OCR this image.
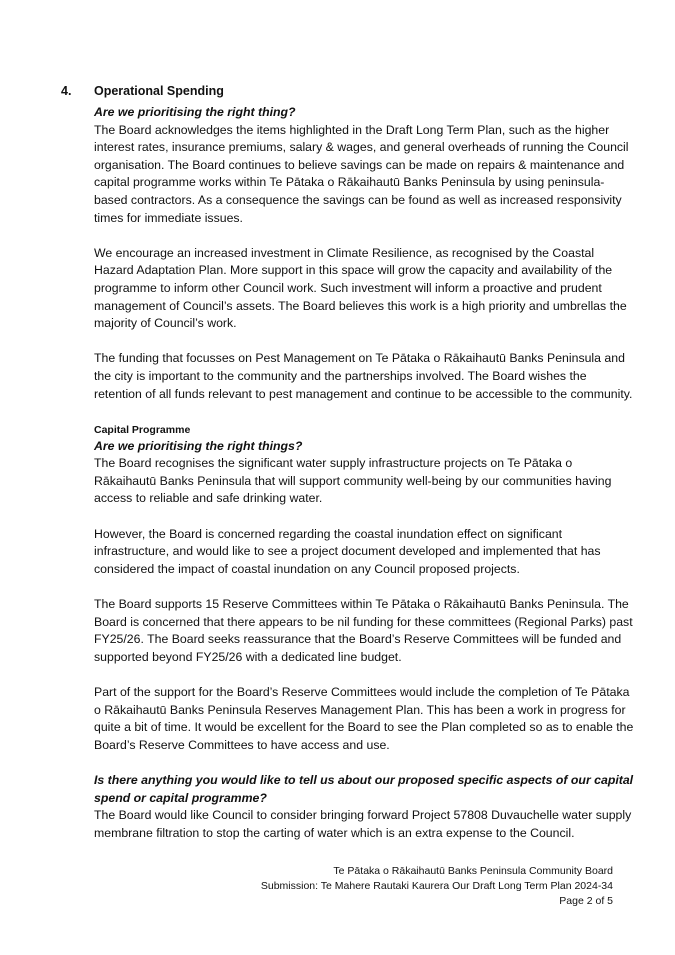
4. Operational Spending

Are we prioritising the right thing?

The Board acknowledges the items highlighted in the Draft Long Term Plan, such as the higher interest rates, insurance premiums, salary & wages, and general overheads of running the Council organisation. The Board continues to believe savings can be made on repairs & maintenance and capital programme works within Te Pātaka o Rākaihautū Banks Peninsula by using peninsula-based contractors. As a consequence the savings can be found as well as increased responsivity times for immediate issues.

We encourage an increased investment in Climate Resilience, as recognised by the Coastal Hazard Adaptation Plan. More support in this space will grow the capacity and availability of the programme to inform other Council work. Such investment will inform a proactive and prudent management of Council’s assets. The Board believes this work is a high priority and umbrellas the majority of Council’s work.

The funding that focusses on Pest Management on Te Pātaka o Rākaihautū Banks Peninsula and the city is important to the community and the partnerships involved. The Board wishes the retention of all funds relevant to pest management and continue to be accessible to the community.

Capital Programme

Are we prioritising the right things?

The Board recognises the significant water supply infrastructure projects on Te Pātaka o Rākaihautū Banks Peninsula that will support community well-being by our communities having access to reliable and safe drinking water.

However, the Board is concerned regarding the coastal inundation effect on significant infrastructure, and would like to see a project document developed and implemented that has considered the impact of coastal inundation on any Council proposed projects.

The Board supports 15 Reserve Committees within Te Pātaka o Rākaihautū Banks Peninsula. The Board is concerned that there appears to be nil funding for these committees (Regional Parks) past FY25/26. The Board seeks reassurance that the Board’s Reserve Committees will be funded and supported beyond FY25/26 with a dedicated line budget.

Part of the support for the Board’s Reserve Committees would include the completion of Te Pātaka o Rākaihautū Banks Peninsula Reserves Management Plan. This has been a work in progress for quite a bit of time. It would be excellent for the Board to see the Plan completed so as to enable the Board’s Reserve Committees to have access and use.

Is there anything you would like to tell us about our proposed specific aspects of our capital spend or capital programme?

The Board would like Council to consider bringing forward Project 57808 Duvauchelle water supply membrane filtration to stop the carting of water which is an extra expense to the Council.

Te Pātaka o Rākaihautū Banks Peninsula Community Board
Submission: Te Mahere Rautaki Kaurera Our Draft Long Term Plan 2024-34
Page 2 of 5
